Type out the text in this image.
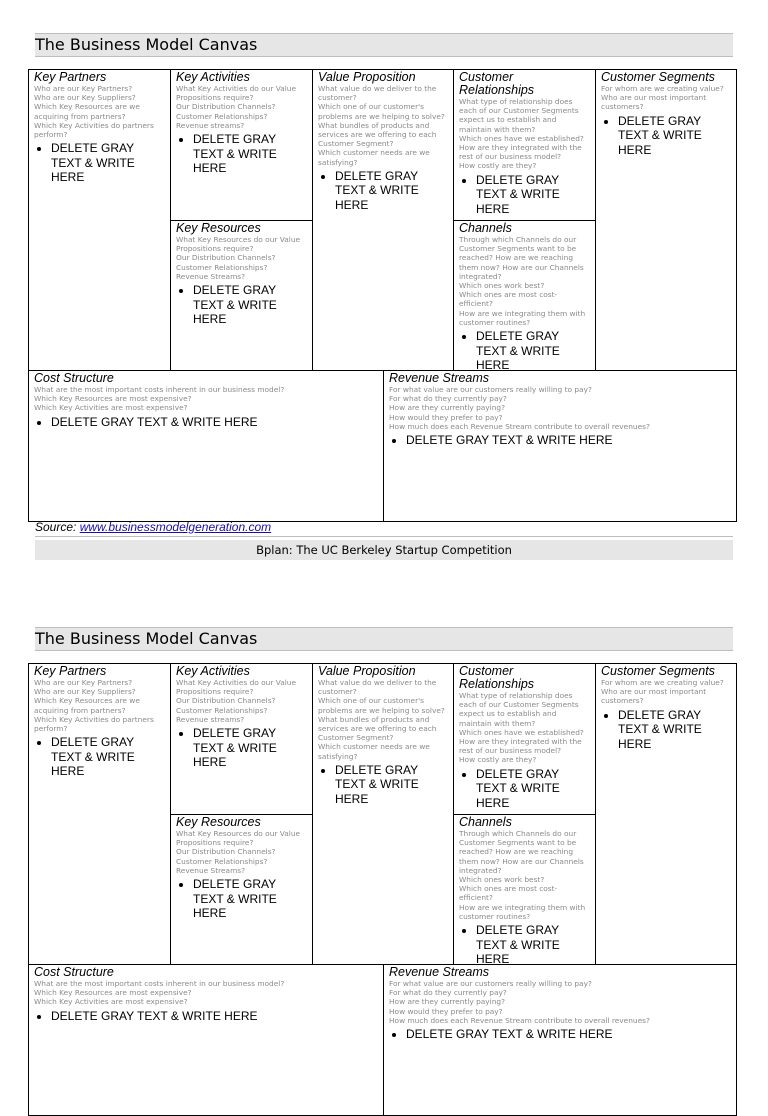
The Business Model Canvas
Key Partners
Who are our Key Partners?
Who are our Key Suppliers?
Which Key Resources are we acquiring from partners?
Which Key Activities do partners perform?
• DELETE GRAY TEXT & WRITE HERE
Key Activities
What Key Activities do our Value Propositions require?
Our Distribution Channels?
Customer Relationships?
Revenue streams?
• DELETE GRAY TEXT & WRITE HERE
Key Resources
What Key Resources do our Value Propositions require?
Our Distribution Channels?
Customer Relationships?
Revenue Streams?
• DELETE GRAY TEXT & WRITE HERE
Value Proposition
What value do we deliver to the customer?
Which one of our customer's problems are we helping to solve?
What bundles of products and services are we offering to each Customer Segment?
Which customer needs are we satisfying?
• DELETE GRAY TEXT & WRITE HERE
Customer Relationships
What type of relationship does each of our Customer Segments expect us to establish and maintain with them?
Which ones have we established?
How are they integrated with the rest of our business model?
How costly are they?
• DELETE GRAY TEXT & WRITE HERE
Channels
Through which Channels do our Customer Segments want to be reached? How are we reaching them now? How are our Channels integrated?
Which ones work best?
Which ones are most cost-efficient?
How are we integrating them with customer routines?
• DELETE GRAY TEXT & WRITE HERE
Customer Segments
For whom are we creating value?
Who are our most important customers?
• DELETE GRAY TEXT & WRITE HERE
Cost Structure
What are the most important costs inherent in our business model?
Which Key Resources are most expensive?
Which Key Activities are most expensive?
• DELETE GRAY TEXT & WRITE HERE
Revenue Streams
For what value are our customers really willing to pay?
For what do they currently pay?
How are they currently paying?
How would they prefer to pay?
How much does each Revenue Stream contribute to overall revenues?
• DELETE GRAY TEXT & WRITE HERE
Source: www.businessmodelgeneration.com
Bplan: The UC Berkeley Startup Competition
The Business Model Canvas
Key Partners
Who are our Key Partners?
Who are our Key Suppliers?
Which Key Resources are we acquiring from partners?
Which Key Activities do partners perform?
• DELETE GRAY TEXT & WRITE HERE
Key Activities
What Key Activities do our Value Propositions require?
Our Distribution Channels?
Customer Relationships?
Revenue streams?
• DELETE GRAY TEXT & WRITE HERE
Key Resources
What Key Resources do our Value Propositions require?
Our Distribution Channels?
Customer Relationships?
Revenue Streams?
• DELETE GRAY TEXT & WRITE HERE
Value Proposition
What value do we deliver to the customer?
Which one of our customer's problems are we helping to solve?
What bundles of products and services are we offering to each Customer Segment?
Which customer needs are we satisfying?
• DELETE GRAY TEXT & WRITE HERE
Customer Relationships
What type of relationship does each of our Customer Segments expect us to establish and maintain with them?
Which ones have we established?
How are they integrated with the rest of our business model?
How costly are they?
• DELETE GRAY TEXT & WRITE HERE
Channels
Through which Channels do our Customer Segments want to be reached? How are we reaching them now? How are our Channels integrated?
Which ones work best?
Which ones are most cost-efficient?
How are we integrating them with customer routines?
• DELETE GRAY TEXT & WRITE HERE
Customer Segments
For whom are we creating value?
Who are our most important customers?
• DELETE GRAY TEXT & WRITE HERE
Cost Structure
What are the most important costs inherent in our business model?
Which Key Resources are most expensive?
Which Key Activities are most expensive?
• DELETE GRAY TEXT & WRITE HERE
Revenue Streams
For what value are our customers really willing to pay?
For what do they currently pay?
How are they currently paying?
How would they prefer to pay?
How much does each Revenue Stream contribute to overall revenues?
• DELETE GRAY TEXT & WRITE HERE
